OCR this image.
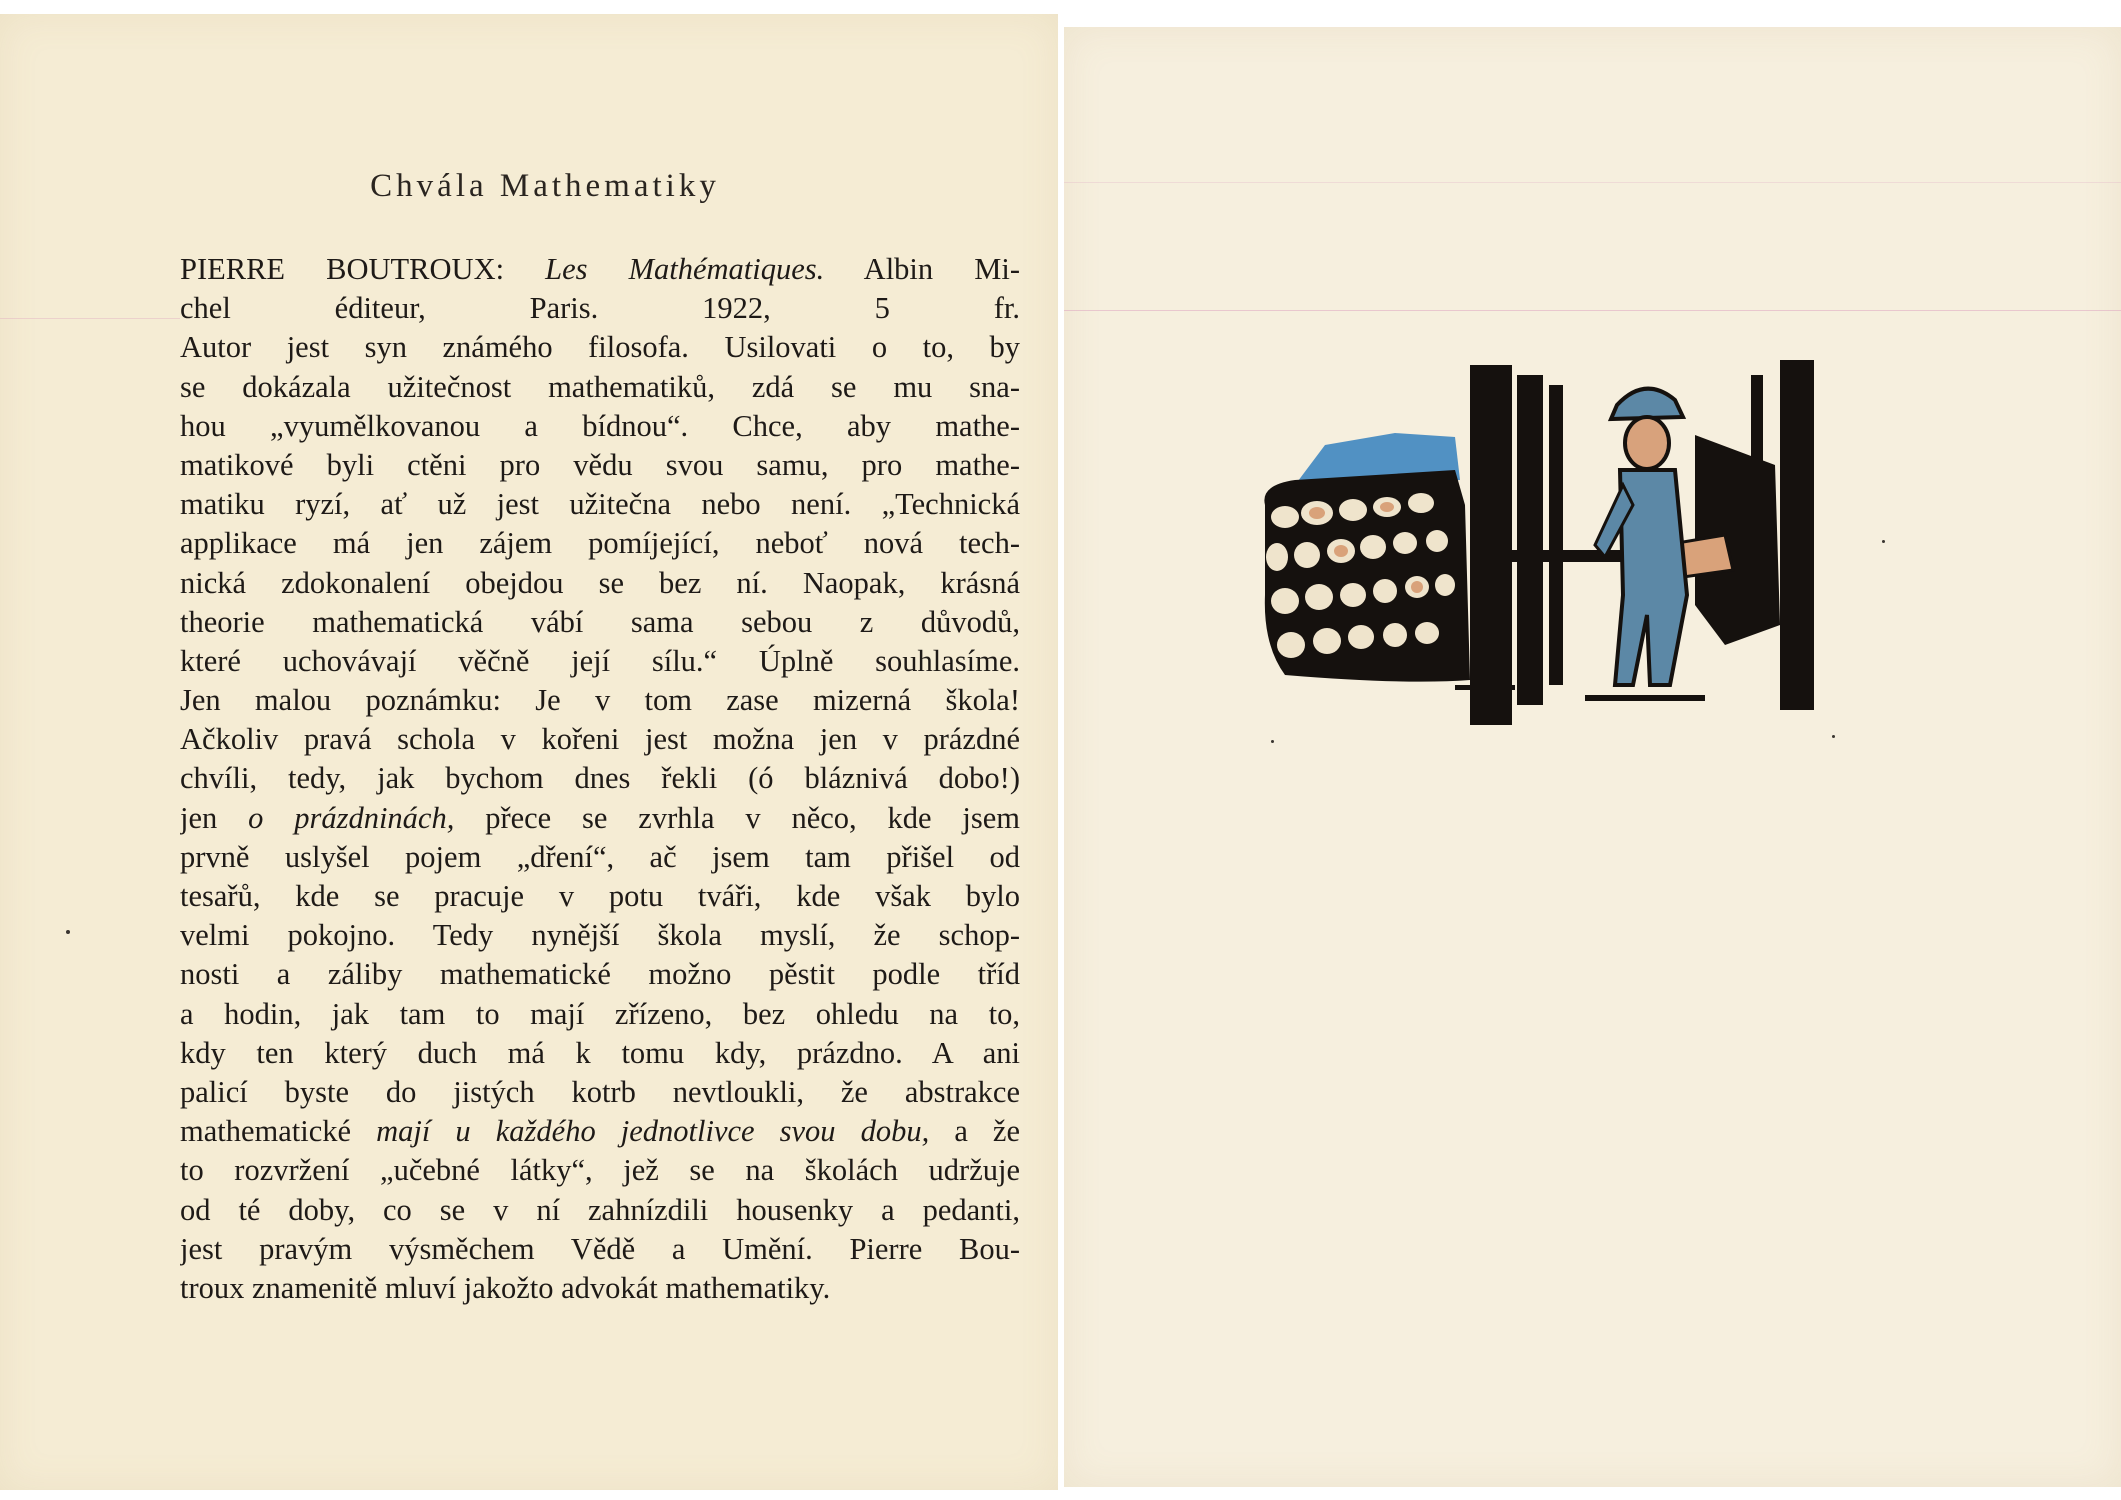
Chvála Mathematiky
PIERRE BOUTROUX: Les Mathématiques. Albin Mi-
chel éditeur, Paris. 1922, 5 fr.
Autor jest syn známého filosofa. Usilovati o to, by
se dokázala užitečnost mathematiků, zdá se mu sna-
hou „vyumělkovanou a bídnou“. Chce, aby mathe-
matikové byli ctěni pro vědu svou samu, pro mathe-
matiku ryzí, ať už jest užitečna nebo není. „Technická
applikace má jen zájem pomíjející, neboť nová tech-
nická zdokonalení obejdou se bez ní. Naopak, krásná
theorie mathematická vábí sama sebou z důvodů,
které uchovávají věčně její sílu.“ Úplně souhlasíme.
Jen malou poznámku: Je v tom zase mizerná škola!
Ačkoliv pravá schola v kořeni jest možna jen v prázdné
chvíli, tedy, jak bychom dnes řekli (ó bláznivá dobo!)
jen o prázdninách, přece se zvrhla v něco, kde jsem
prvně uslyšel pojem „dření“, ač jsem tam přišel od
tesařů, kde se pracuje v potu tváři, kde však bylo
velmi pokojno. Tedy nynější škola myslí, že schop-
nosti a záliby mathematické možno pěstit podle tříd
a hodin, jak tam to mají zřízeno, bez ohledu na to,
kdy ten který duch má k tomu kdy, prázdno. A ani
palicí byste do jistých kotrb nevtloukli, že abstrakce
mathematické mají u každého jednotlivce svou dobu, a že
to rozvržení „učebné látky“, jež se na školách udržuje
od té doby, co se v ní zahnízdili housenky a pedanti,
jest pravým výsměchem Vědě a Umění. Pierre Bou-
troux znamenitě mluví jakožto advokát mathematiky.
